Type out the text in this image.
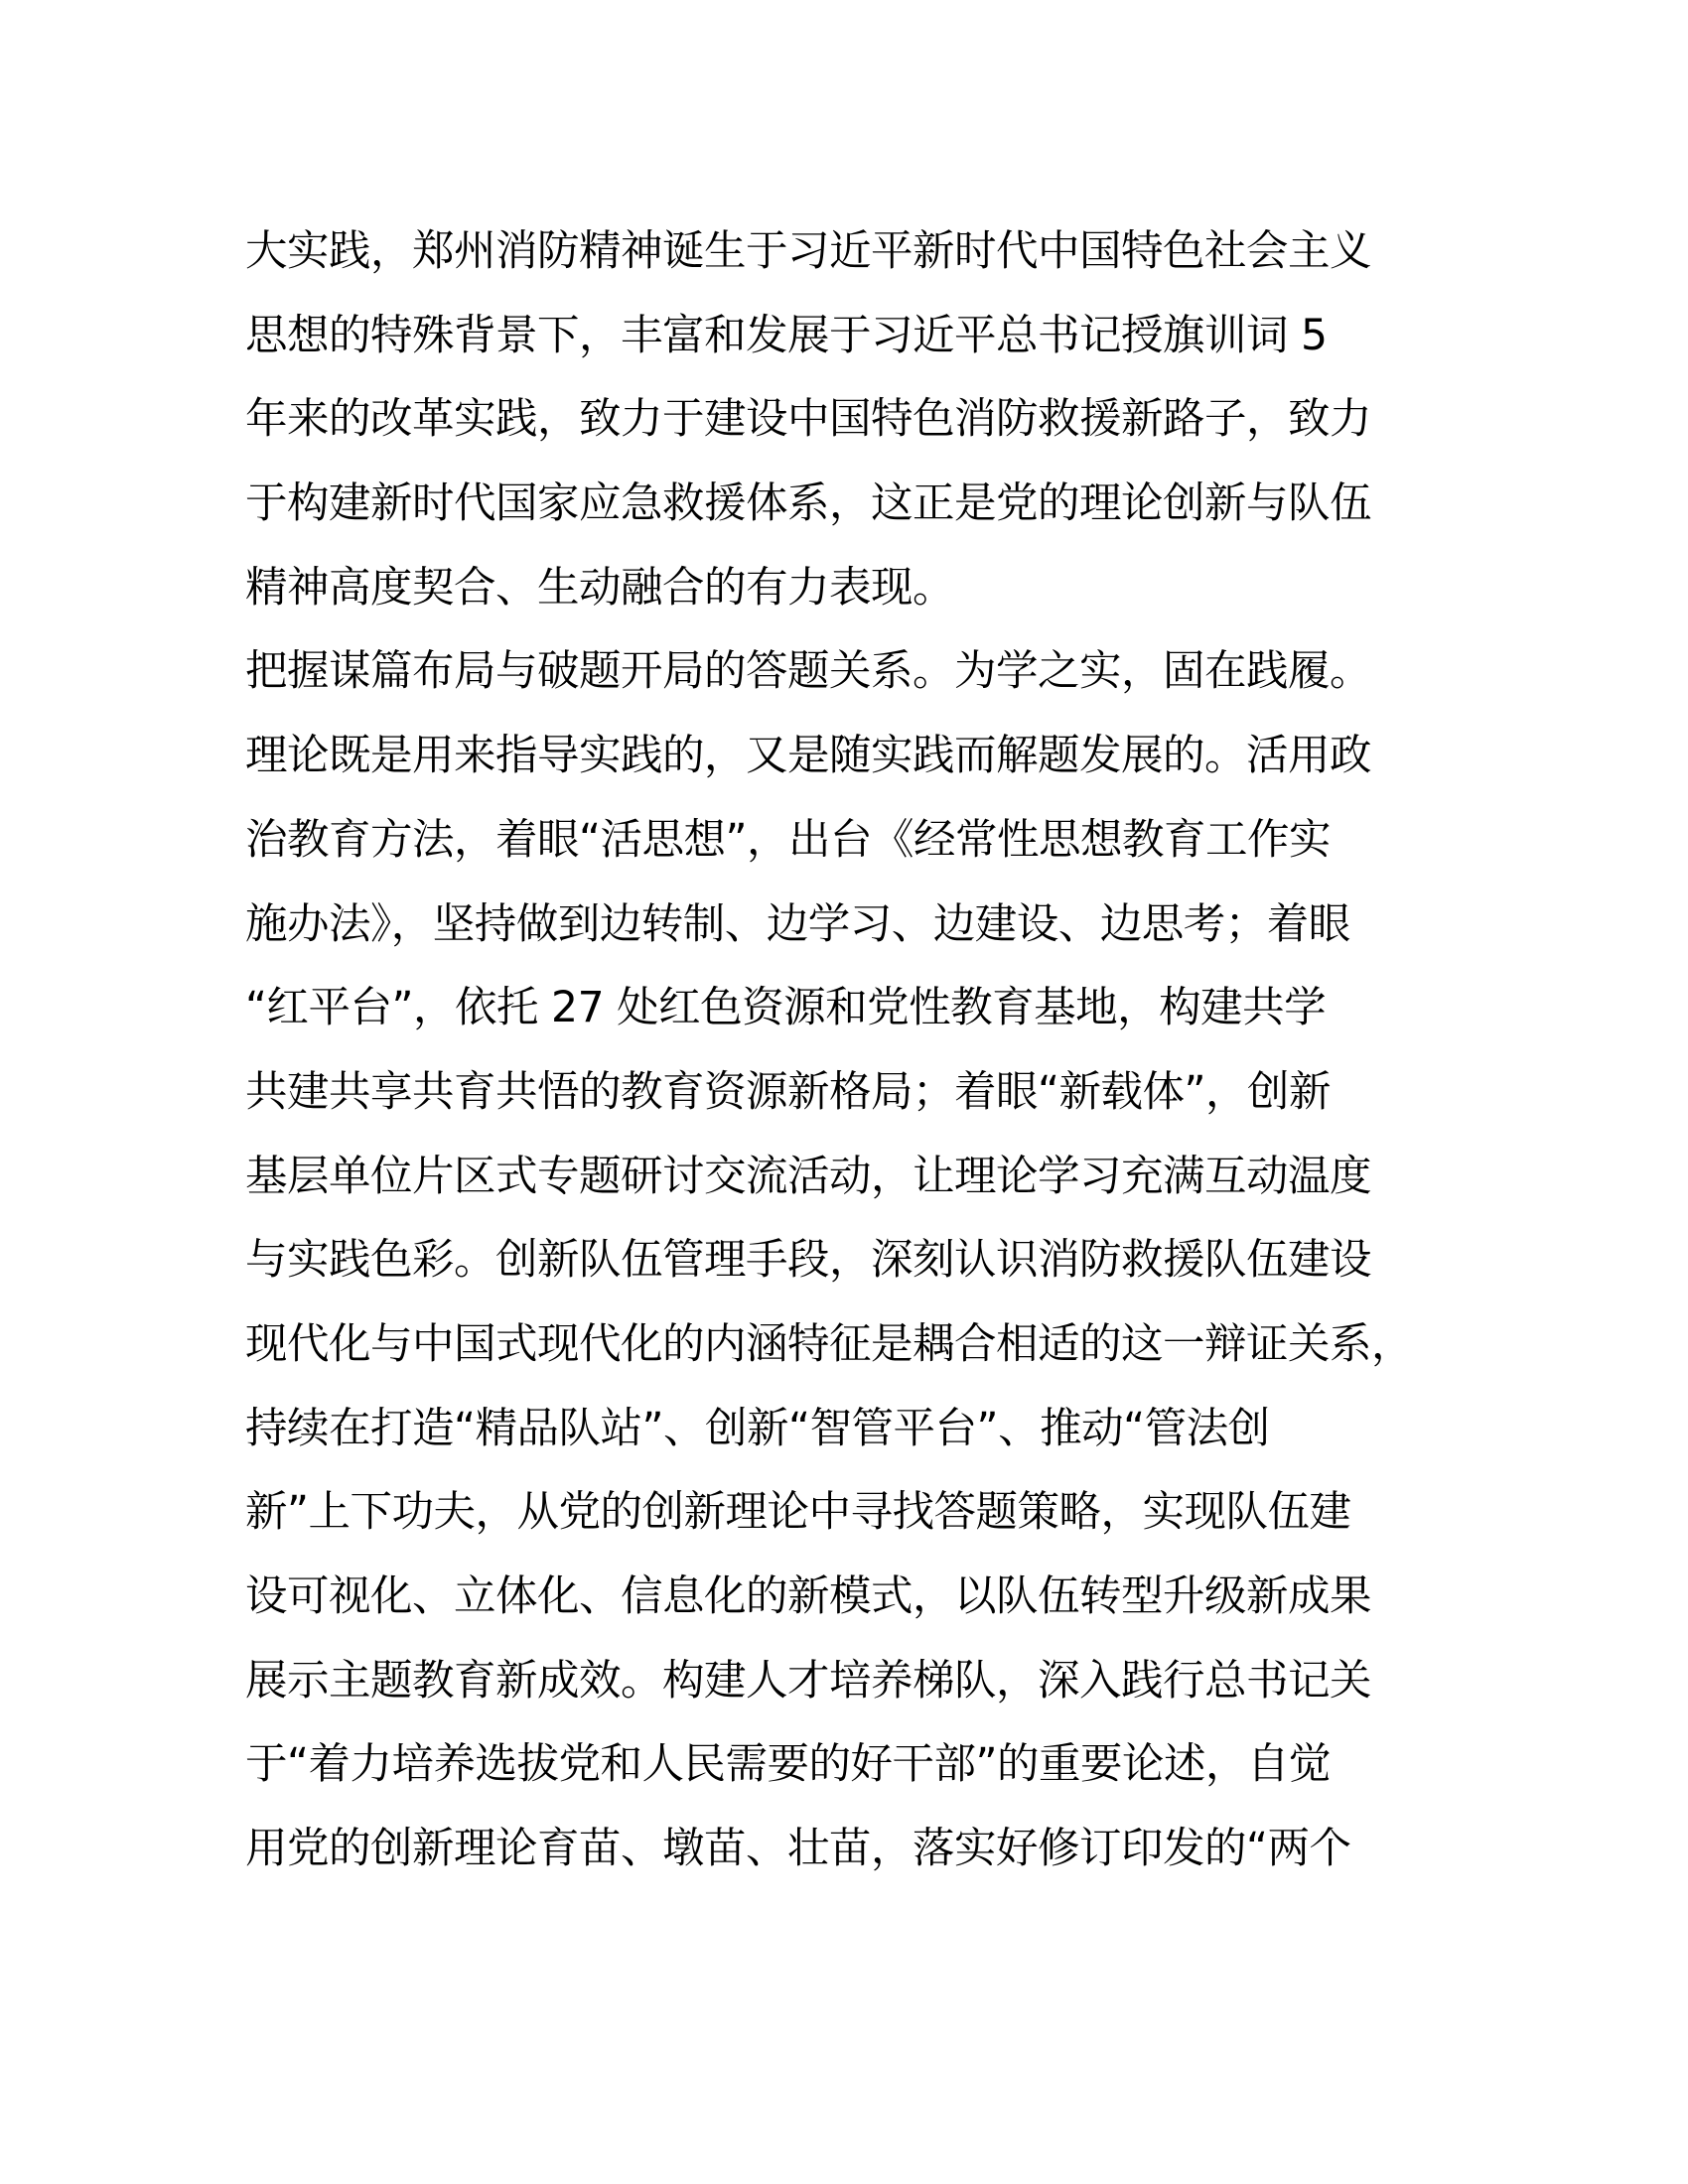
大实践，郑州消防精神诞生于习近平新时代中国特色社会主义
思想的特殊背景下，丰富和发展于习近平总书记授旗训词 5
年来的改革实践，致力于建设中国特色消防救援新路子，致力
于构建新时代国家应急救援体系，这正是党的理论创新与队伍
精神高度契合、生动融合的有力表现。
把握谋篇布局与破题开局的答题关系。为学之实，固在践履。
理论既是用来指导实践的，又是随实践而解题发展的。活用政
治教育方法，着眼“活思想”，出台《经常性思想教育工作实
施办法》，坚持做到边转制、边学习、边建设、边思考；着眼
“红平台”，依托 27 处红色资源和党性教育基地，构建共学
共建共享共育共悟的教育资源新格局；着眼“新载体”，创新
基层单位片区式专题研讨交流活动，让理论学习充满互动温度
与实践色彩。创新队伍管理手段，深刻认识消防救援队伍建设
现代化与中国式现代化的内涵特征是耦合相适的这一辩证关系，
持续在打造“精品队站”、创新“智管平台”、推动“管法创
新”上下功夫，从党的创新理论中寻找答题策略，实现队伍建
设可视化、立体化、信息化的新模式，以队伍转型升级新成果
展示主题教育新成效。构建人才培养梯队，深入践行总书记关
于“着力培养选拔党和人民需要的好干部”的重要论述，自觉
用党的创新理论育苗、墩苗、壮苗，落实好修订印发的“两个
